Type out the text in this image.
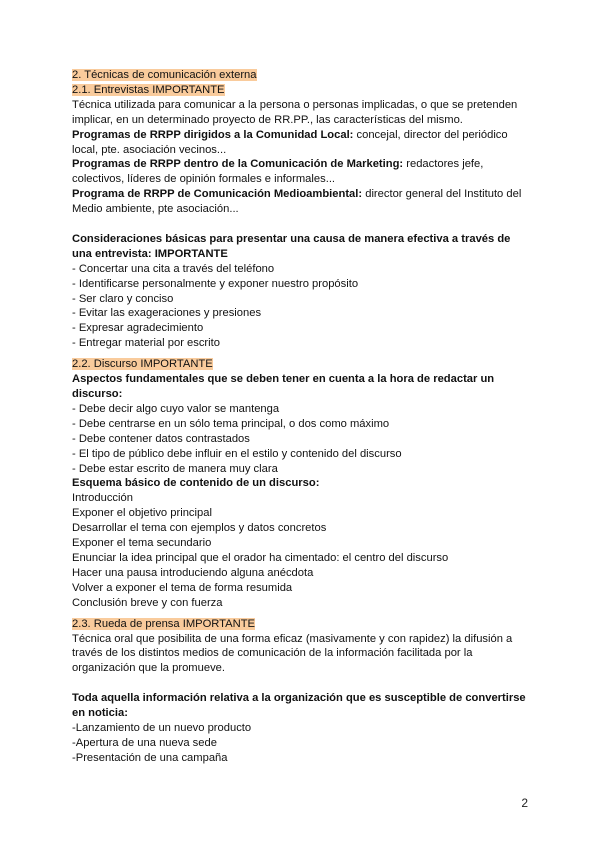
2. Técnicas de comunicación externa
2.1. Entrevistas IMPORTANTE
Técnica utilizada para comunicar a la persona o personas implicadas, o que se pretenden implicar, en un determinado proyecto de RR.PP., las características del mismo.
Programas de RRPP dirigidos a la Comunidad Local: concejal, director del periódico local, pte. asociación vecinos...
Programas de RRPP dentro de la Comunicación de Marketing: redactores jefe, colectivos, líderes de opinión formales e informales...
Programa de RRPP de Comunicación Medioambiental: director general del Instituto del Medio ambiente, pte asociación...
Consideraciones básicas para presentar una causa de manera efectiva a través de una entrevista: IMPORTANTE
- Concertar una cita a través del teléfono
- Identificarse personalmente y exponer nuestro propósito
- Ser claro y conciso
- Evitar las exageraciones y presiones
- Expresar agradecimiento
- Entregar material por escrito
2.2. Discurso IMPORTANTE
Aspectos fundamentales que se deben tener en cuenta a la hora de redactar un discurso:
- Debe decir algo cuyo valor se mantenga
- Debe centrarse en un sólo tema principal, o dos como máximo
- Debe contener datos contrastados
- El tipo de público debe influir en el estilo y contenido del discurso
- Debe estar escrito de manera muy clara
Esquema básico de contenido de un discurso:
Introducción
Exponer el objetivo principal
Desarrollar el tema con ejemplos y datos concretos
Exponer el tema secundario
Enunciar la idea principal que el orador ha cimentado: el centro del discurso
Hacer una pausa introduciendo alguna anécdota
Volver a exponer el tema de forma resumida
Conclusión breve y con fuerza
2.3. Rueda de prensa IMPORTANTE
Técnica oral que posibilita de una forma eficaz (masivamente y con rapidez) la difusión a través de los distintos medios de comunicación de la información facilitada por la organización que la promueve.
Toda aquella información relativa a la organización que es susceptible de convertirse en noticia:
-Lanzamiento de un nuevo producto
-Apertura de una nueva sede
-Presentación de una campaña
2
